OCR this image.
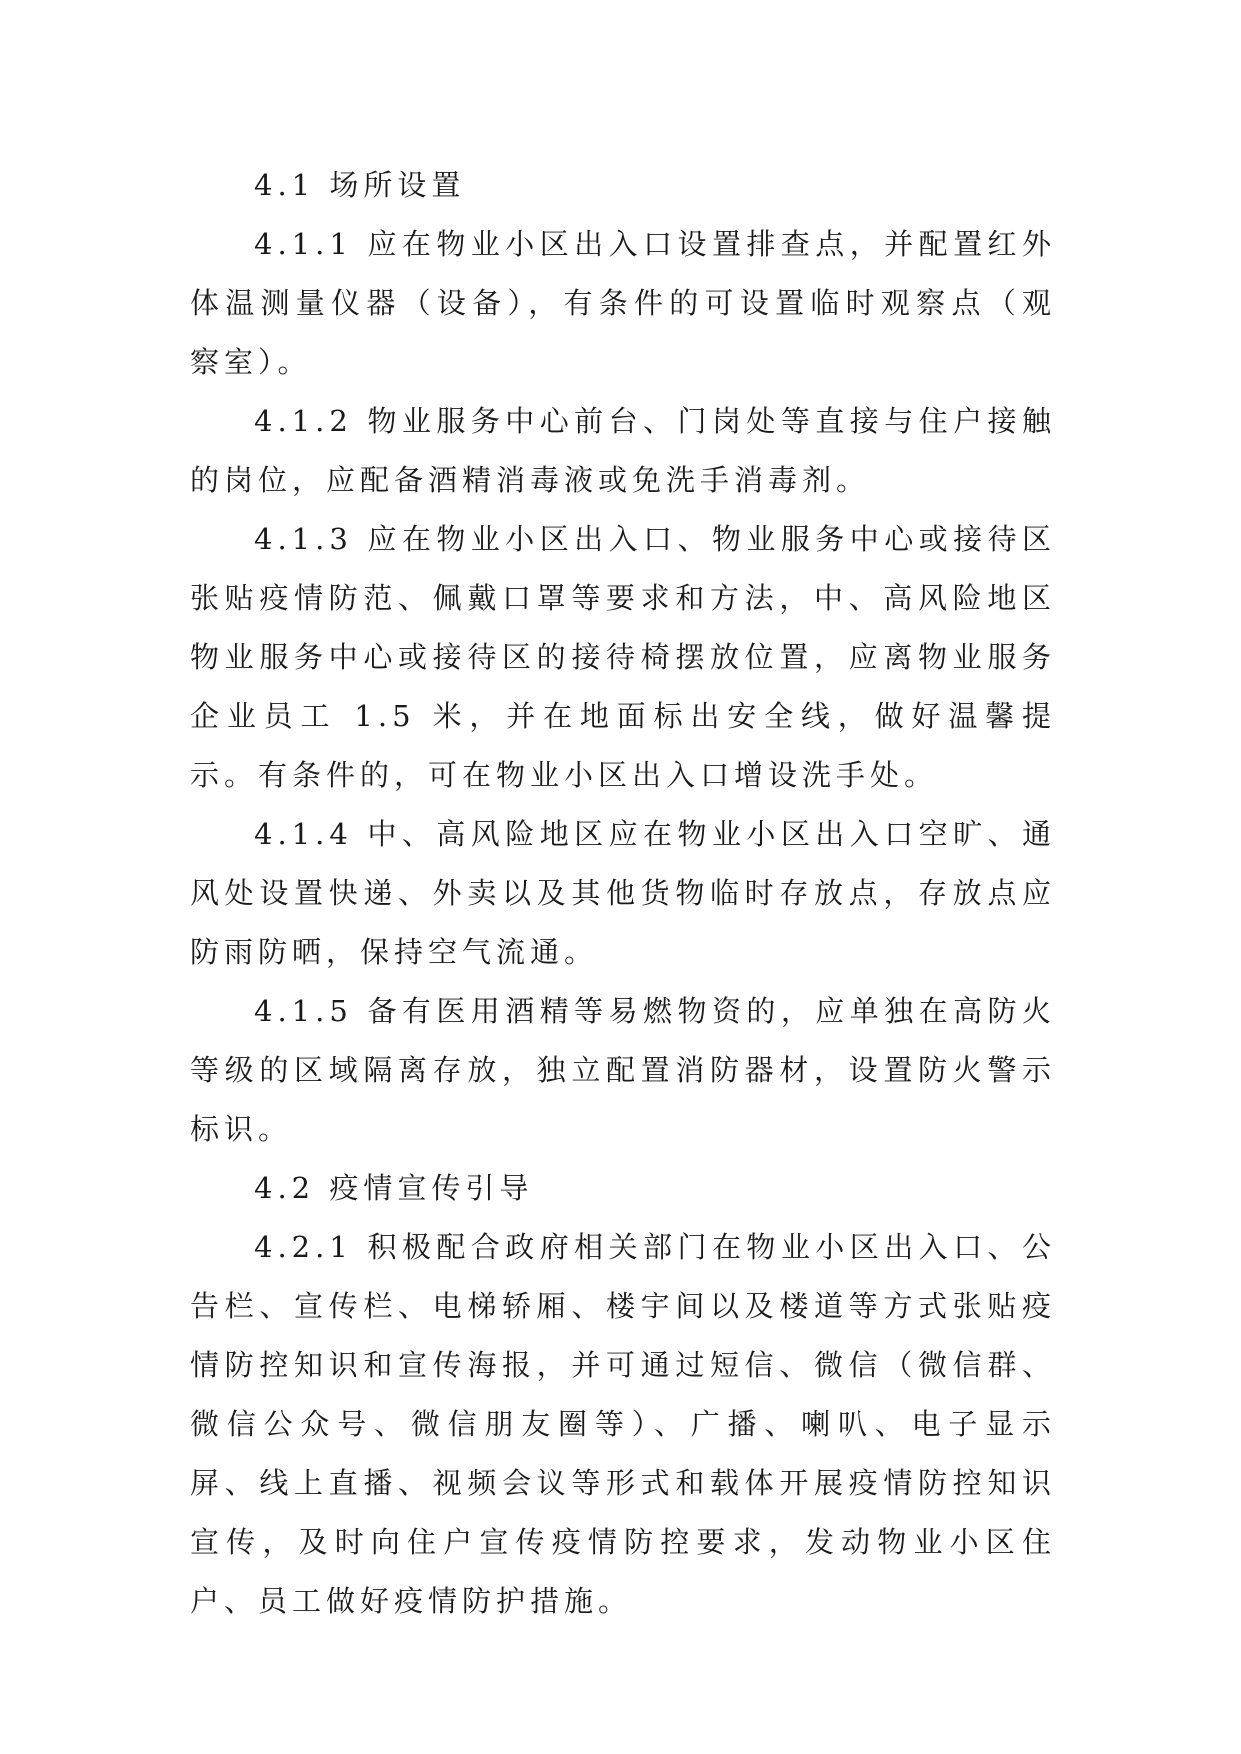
4.1 场所设置

4.1.1 应在物业小区出入口设置排查点，并配置红外体温测量仪器（设备），有条件的可设置临时观察点（观察室）。

4.1.2 物业服务中心前台、门岗处等直接与住户接触的岗位，应配备酒精消毒液或免洗手消毒剂。

4.1.3 应在物业小区出入口、物业服务中心或接待区张贴疫情防范、佩戴口罩等要求和方法，中、高风险地区物业服务中心或接待区的接待椅摆放位置，应离物业服务企业员工 1.5 米，并在地面标出安全线，做好温馨提示。有条件的，可在物业小区出入口增设洗手处。

4.1.4 中、高风险地区应在物业小区出入口空旷、通风处设置快递、外卖以及其他货物临时存放点，存放点应防雨防晒，保持空气流通。

4.1.5 备有医用酒精等易燃物资的，应单独在高防火等级的区域隔离存放，独立配置消防器材，设置防火警示标识。

4.2 疫情宣传引导

4.2.1 积极配合政府相关部门在物业小区出入口、公告栏、宣传栏、电梯轿厢、楼宇间以及楼道等方式张贴疫情防控知识和宣传海报，并可通过短信、微信（微信群、微信公众号、微信朋友圈等）、广播、喇叭、电子显示屏、线上直播、视频会议等形式和载体开展疫情防控知识宣传，及时向住户宣传疫情防控要求，发动物业小区住户、员工做好疫情防护措施。
